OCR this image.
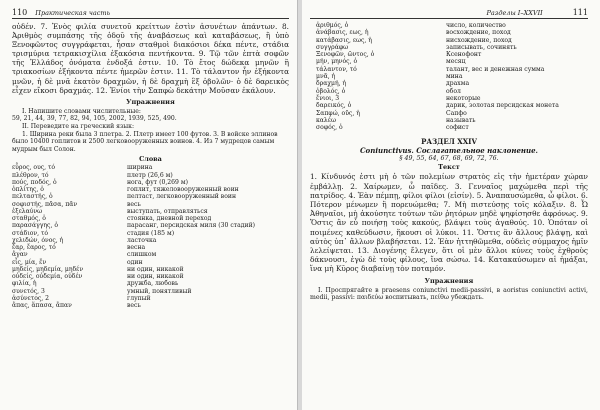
110	Практическая часть
οὐδέν. 7. Ἑνὸς φιλία συνετοῦ κρείττων ἐστὶν ἀσυνέτων ἁπάντων. 8. Ἀριθμὸς συμπάσης τῆς ὁδοῦ τῆς ἀναβάσεως καὶ καταβάσεως, ἣ ὑπὸ Ξενοφῶντος συγγράφεται, ἦσαν σταθμοὶ διακόσιοι δέκα πέντε, στάδια τρισμύρια τετρακισχίλια ἑξακόσια πεντήκοντα. 9. Τῷ τῶν ἑπτὰ σοφῶν τῆς Ἑλλάδος ὀνόματα ἐνδοξά ἐστιν. 10. Τὸ ἔτος δώδεκα μηνῶν ἢ τριακοσίων ἑξήκοντα πέντε ἡμερῶν ἐστιν. 11. Τὸ τάλαντον ἦν ἑξήκοντα μνῶν, ἡ δὲ μνᾶ ἑκατὸν δραχμῶν, ἡ δὲ δραχμὴ ἓξ ὀβολῶν· ὁ δὲ δαρεικὸς εἶχεν εἴκοσι δραχμάς. 12. Ἐνίοι τὴν Σαπφὼ δεκάτην Μοῦσαν ἐκάλουν.
Упражнения
I. Напишите словами числительные:
59, 21, 44, 39, 77, 82, 94, 105, 2002, 1939, 525, 490.
II. Переведите на греческий язык:
1. Ширина реки была 3 плетра. 2. Плетр имеет 100 футов. 3. В войске эллинов было 10400 гоплитов и 2500 легковооруженных воинов. 4. Из 7 мудрецов самым мудрым был Солон.
Слова
εὖρος, ους, τό	ширина
πλέθρον, τό	плетр (26,6 м)
πούς, ποδός, ὁ	нога, фут (0,269 м)
ὁπλίτης, ὁ	гоплит, тяжеловооруженный воин
πελταστής, ὁ	пелтаст, легковооруженный воин
σοφιστής, πᾶσα, πᾶν	весь
ἐξελαύνω	выступать, отправляться
σταθμός, ὁ	стоянка, дневной переход
παρασάγγης, ὁ	парасанг, персидская миля (30 стадий)
στάδιον, τό	стадия (185 м)
χελιδών, όνος, ἡ	ласточка
ἔαρ, ἔαρος, τό	весна
ἄγαν	слишком
εἷς, μία, ἕν	один
μηδείς, μηδεμία, μηδέν	ни один, никакой
οὐδείς, οὐδεμία, οὐδέν	ни один, никакой
φιλία, ἡ	дружба, любовь
συνετός, 3	умный, понятливый
ἀσύνετος, 2	глупый
ἅπας, ἅπασα, ἅπαν	весь
Разделы I–XXVII	111
ἀριθμός, ὁ	число, количество
ἀνάβασις, εως, ἡ	восхождение, поход
κατάβασις, εως, ἡ	нисхождение, поход
συγγράφω	записывать, сочинять
Ξενοφῶν, ῶντος, ὁ	Ксенофонт
μήν, μηνός, ὁ	месяц
τάλαντον, τό	талант, вес и денежная сумма
μνᾶ, ἡ	мина
δραχμή, ἡ	драхма
ὀβολός, ὁ	обол
ἔνιοι, 3	некоторые
δαρεικός, ὁ	дарик, золотая персидская монета
Σαπφώ, οῦς, ἡ	Сапфо
καλέω	называть
σοφός, ὁ	софист
РАЗДЕЛ XXIV
Coniunctivus. Сослагательное наклонение.
§ 49, 55, 64, 67, 68, 69, 72, 76.
Текст
1. Κίνδυνός ἐστι μὴ ὁ τῶν πολεμίων στρατὸς εἰς τὴν ἡμετέραν χώραν ἐμβάλλῃ. 2. Χαίρωμεν, ὦ παῖδες. 3. Γενναῖος μαχώμεθα περὶ τῆς πατρίδος. 4. Ἐὰν πέμπῃ, φίλοι φίλοι (εἰσίν). 5. Ἀναπαυσώμεθα, ὦ φίλοι. 6. Πότερον μένωμεν ἢ πορευώμεθα; 7. Μὴ πιστεύσῃς τοῖς κόλαξιν. 8. Ὦ Ἀθηναῖοι, μὴ ἀκούσητε τούτων τῶν ῥητόρων μηδὲ ψηφίσησθε ἀφρόνως. 9. Ὅστις ἂν εὖ ποιήσῃ τοὺς κακούς, βλάψει τοὺς ἀγαθούς. 10. Ὁπόταν οἱ ποιμένες καθεύδωσιν, ἥκουσι οἱ λύκοι. 11. Ὅστις ἂν ἄλλους βλάψῃ, καὶ αὐτὸς ὑπ᾽ ἄλλων βλαβήσεται. 12. Ἐὰν ἡττηθῶμεθα, οὐδεὶς σύμμαχος ἡμῖν λελείψεται. 13. Διογένης ἔλεγεν, ὅτι οἱ μὲν ἄλλοι κύνες τοὺς ἐχθροὺς δάκνουσι, ἐγὼ δὲ τοὺς φίλους, ἵνα σώσω. 14. Κατακαύσωμεν αἱ ἡμάξαι, ἵνα μὴ Κῦρος διαβαίνῃ τὸν ποταμόν.
Упражнения
I. Проспрягайте в praesens coniunctivi medii-passivi, в aoristus coniunctivi activi, medii, passivi: παιδεύω воспитывать, πείθω убеждать.
